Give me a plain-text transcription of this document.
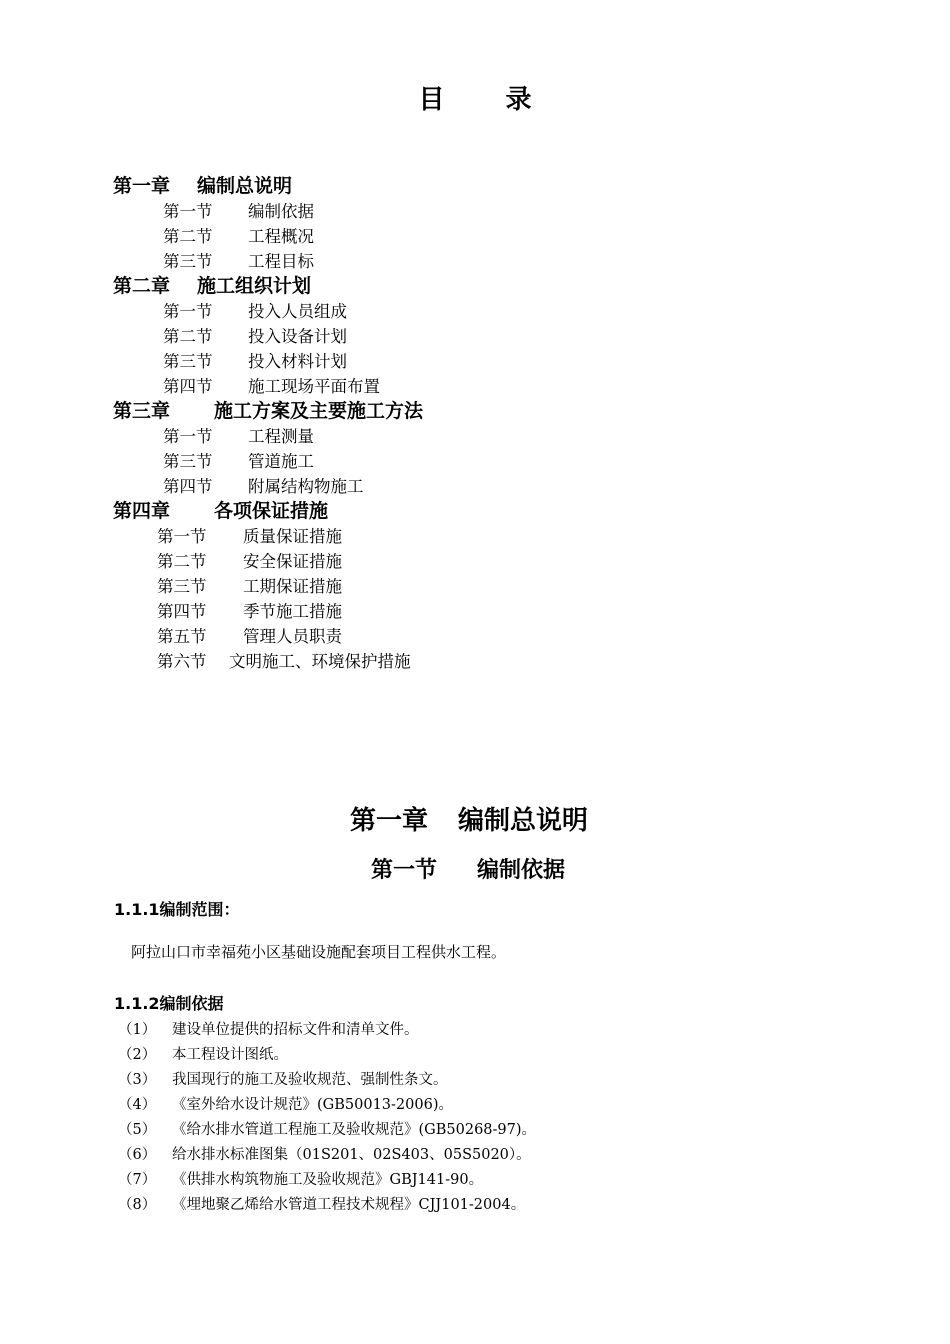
目 录
第一章 编制总说明
第一节 编制依据
第二节 工程概况
第三节 工程目标
第二章 施工组织计划
第一节 投入人员组成
第二节 投入设备计划
第三节 投入材料计划
第四节 施工现场平面布置
第三章 施工方案及主要施工方法
第一节 工程测量
第三节 管道施工
第四节 附属结构物施工
第四章 各项保证措施
第一节 质量保证措施
第二节 安全保证措施
第三节 工期保证措施
第四节 季节施工措施
第五节 管理人员职责
第六节 文明施工、环境保护措施
第一章 编制总说明
第一节 编制依据
1.1.1编制范围：
阿拉山口市幸福苑小区基础设施配套项目工程供水工程。
1.1.2编制依据
（1） 建设单位提供的招标文件和清单文件。
（2） 本工程设计图纸。
（3） 我国现行的施工及验收规范、强制性条文。
（4） 《室外给水设计规范》(GB50013-2006)。
（5） 《给水排水管道工程施工及验收规范》(GB50268-97)。
（6） 给水排水标准图集（01S201、02S403、05S5020）。
（7） 《供排水构筑物施工及验收规范》GBJ141-90。
（8） 《埋地聚乙烯给水管道工程技术规程》CJJ101-2004。
